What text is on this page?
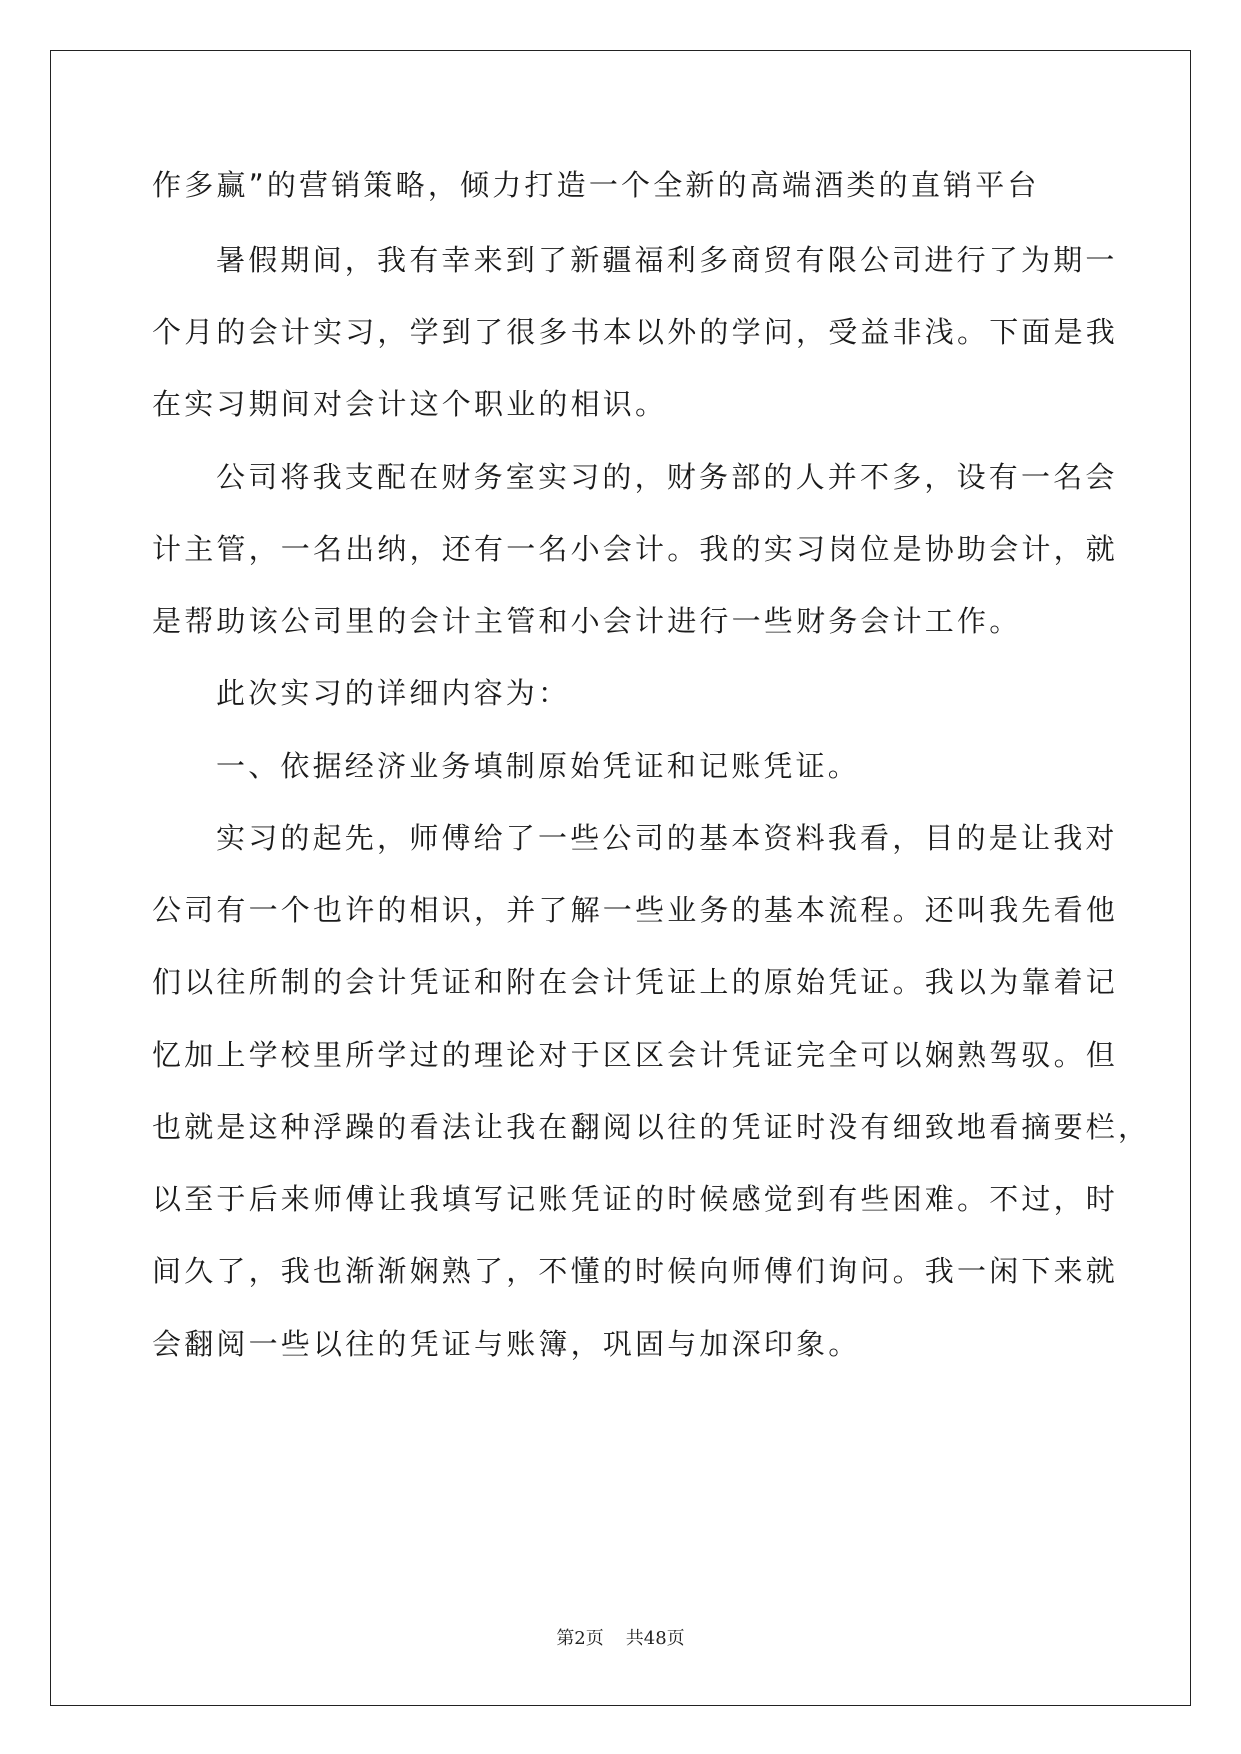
作多赢”的营销策略，倾力打造一个全新的高端酒类的直销平台
暑假期间，我有幸来到了新疆福利多商贸有限公司进行了为期一
个月的会计实习，学到了很多书本以外的学问，受益非浅。下面是我
在实习期间对会计这个职业的相识。
公司将我支配在财务室实习的，财务部的人并不多，设有一名会
计主管，一名出纳，还有一名小会计。我的实习岗位是协助会计，就
是帮助该公司里的会计主管和小会计进行一些财务会计工作。
此次实习的详细内容为：
一、依据经济业务填制原始凭证和记账凭证。
实习的起先，师傅给了一些公司的基本资料我看，目的是让我对
公司有一个也许的相识，并了解一些业务的基本流程。还叫我先看他
们以往所制的会计凭证和附在会计凭证上的原始凭证。我以为靠着记
忆加上学校里所学过的理论对于区区会计凭证完全可以娴熟驾驭。但
也就是这种浮躁的看法让我在翻阅以往的凭证时没有细致地看摘要栏，
以至于后来师傅让我填写记账凭证的时候感觉到有些困难。不过，时
间久了，我也渐渐娴熟了，不懂的时候向师傅们询问。我一闲下来就
会翻阅一些以往的凭证与账簿，巩固与加深印象。
第2页 共48页
